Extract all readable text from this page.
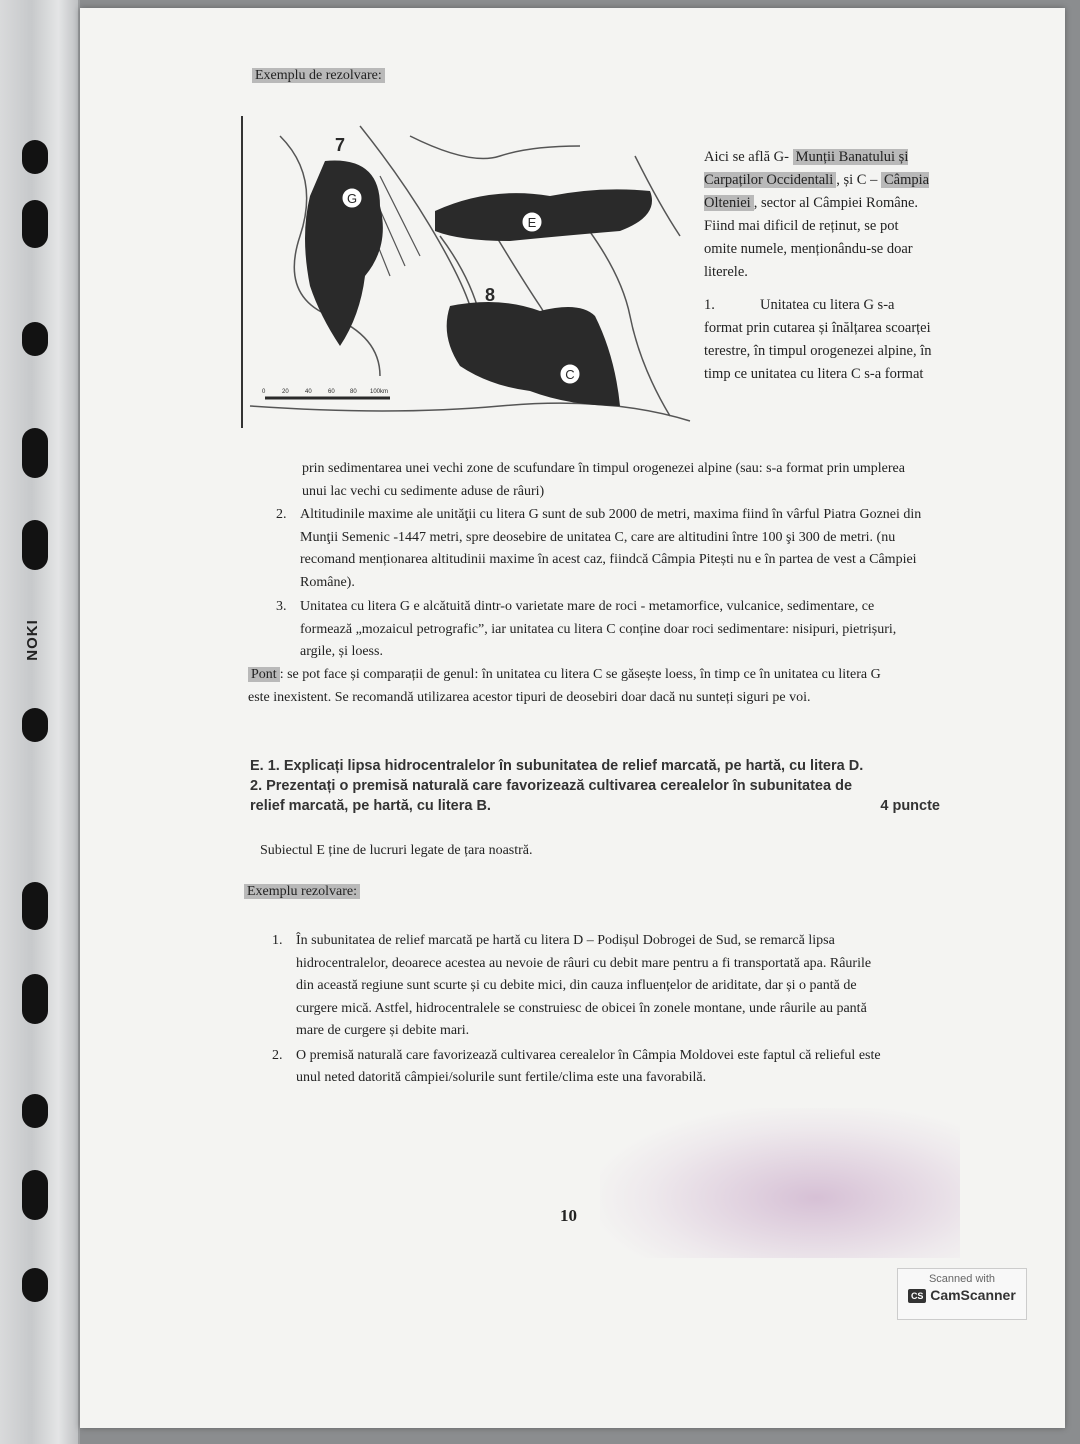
NOKI
Exemplu de rezolvare:
G
E
C
7
8
0	20	40	60	80 100km

Aici se află G- Munții Banatului și Carpaților Occidentali , și C – Câmpia Olteniei , sector al Câmpiei Române. Fiind mai dificil de reținut, se pot omite numele, menționându-se doar literele.

1.	Unitatea cu litera G s-a format prin cutarea și înălțarea scoarței terestre, în timpul orogenezei alpine, în timp ce unitatea cu litera C s-a format

prin sedimentarea unei vechi zone de scufundare în timpul orogenezei alpine (sau: s-a format prin umplerea unui lac vechi cu sedimente aduse de râuri)
2. Altitudinile maxime ale unităţii cu litera G sunt de sub 2000 de metri, maxima fiind în vârful Piatra Goznei din Munţii Semenic -1447 metri, spre deosebire de unitatea C, care are altitudini între 100 şi 300 de metri. (nu recomand menționarea altitudinii maxime în acest caz, fiindcă Câmpia Pitești nu e în partea de vest a Câmpiei Române).
3. Unitatea cu litera G e alcătuită dintr-o varietate mare de roci - metamorfice, vulcanice, sedimentare, ce formează „mozaicul petrografic”, iar unitatea cu litera C conține doar roci sedimentare: nisipuri, pietrișuri, argile, și loess.
Pont : se pot face și comparații de genul: în unitatea cu litera C se găsește loess, în timp ce în unitatea cu litera G este inexistent. Se recomandă utilizarea acestor tipuri de deosebiri doar dacă nu sunteți siguri pe voi.
E. 1. Explicați lipsa hidrocentralelor în subunitatea de relief marcată, pe hartă, cu litera D.
2. Prezentați o premisă naturală care favorizează cultivarea cerealelor în subunitatea de relief marcată, pe hartă, cu litera B.	4 puncte
Subiectul E ține de lucruri legate de țara noastră.
Exemplu rezolvare:
1. În subunitatea de relief marcată pe hartă cu litera D – Podișul Dobrogei de Sud, se remarcă lipsa hidrocentralelor, deoarece acestea au nevoie de râuri cu debit mare pentru a fi transportată apa. Râurile din această regiune sunt scurte și cu debite mici, din cauza influențelor de ariditate, dar și o pantă de curgere mică. Astfel, hidrocentralele se construiesc de obicei în zonele montane, unde râurile au pantă mare de curgere și debite mari.
2. O premisă naturală care favorizează cultivarea cerealelor în Câmpia Moldovei este faptul că relieful este unul neted datorită câmpiei/solurile sunt fertile/clima este una favorabilă.
10
Scanned with
CS CamScanner
